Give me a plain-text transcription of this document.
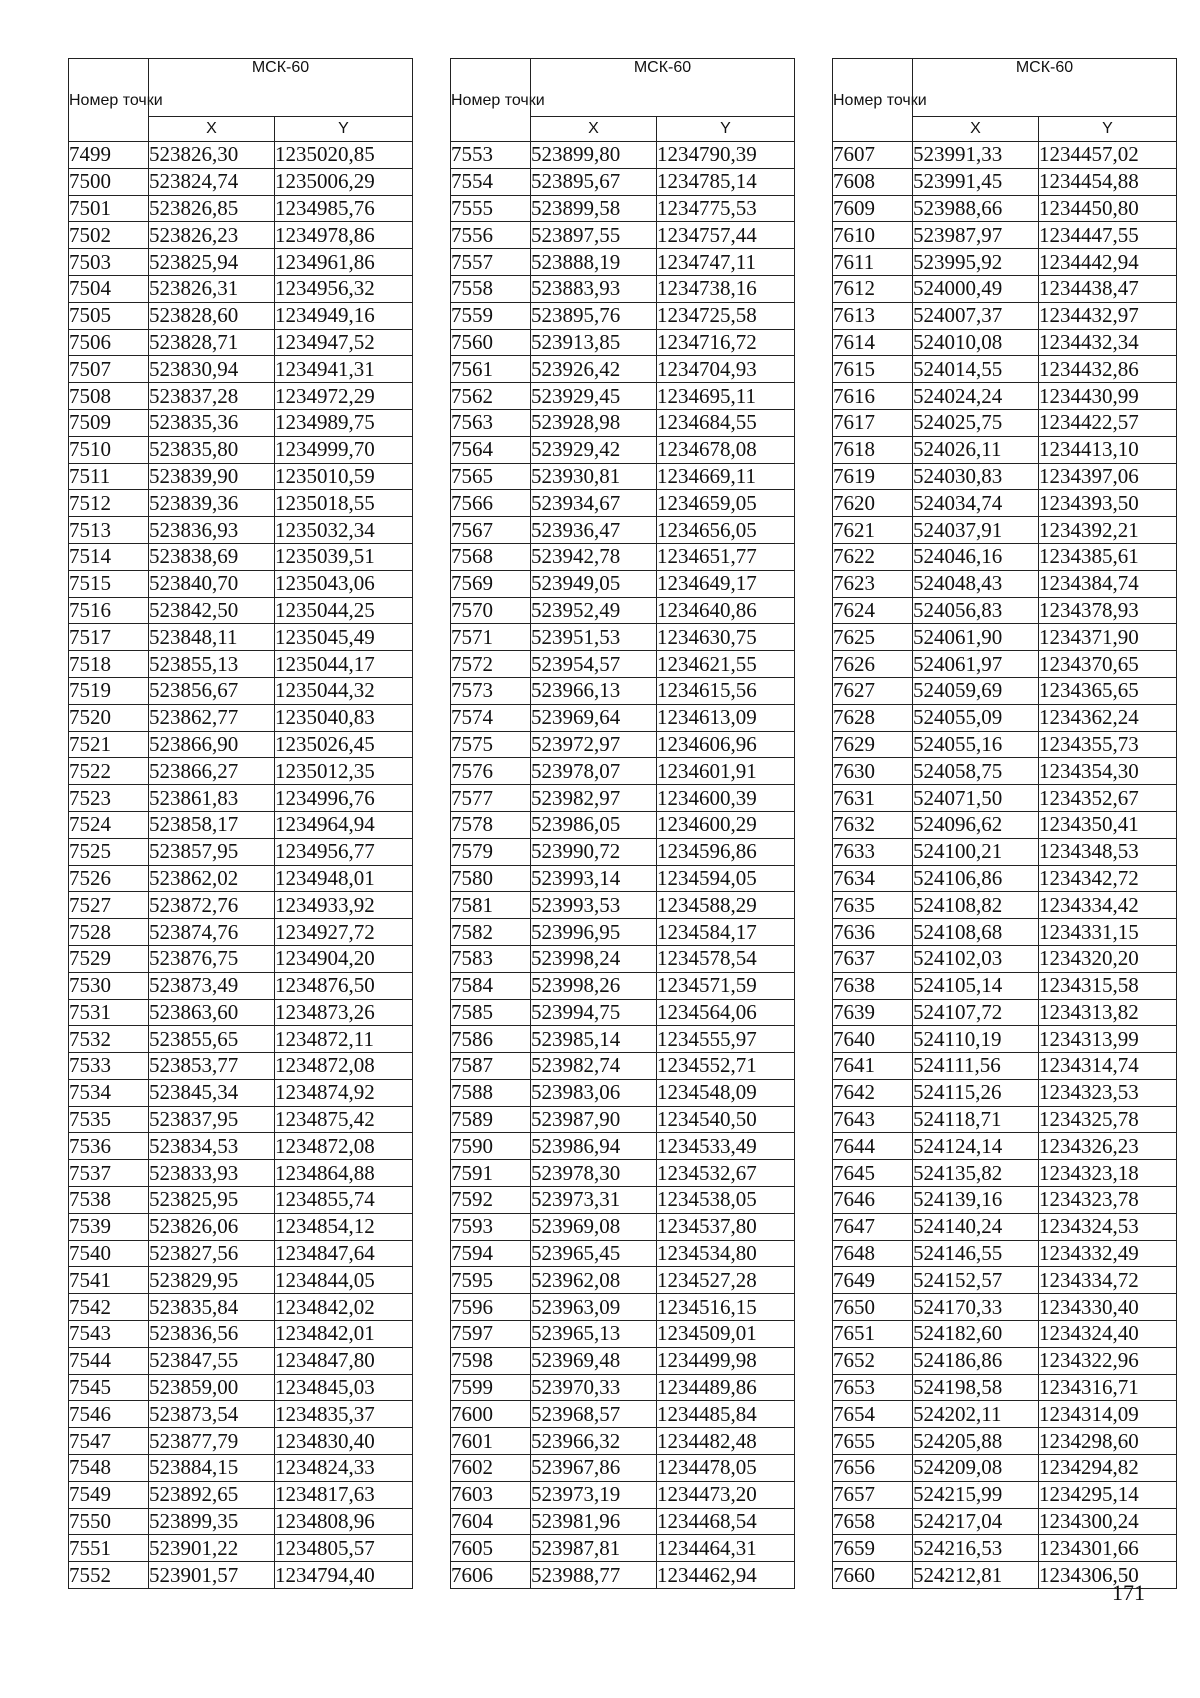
Номер точки	МСК-60	
	X	Y
7499	523826,30	1235020,85
7500	523824,74	1235006,29
7501	523826,85	1234985,76
7502	523826,23	1234978,86
7503	523825,94	1234961,86
7504	523826,31	1234956,32
7505	523828,60	1234949,16
7506	523828,71	1234947,52
7507	523830,94	1234941,31
7508	523837,28	1234972,29
7509	523835,36	1234989,75
7510	523835,80	1234999,70
7511	523839,90	1235010,59
7512	523839,36	1235018,55
7513	523836,93	1235032,34
7514	523838,69	1235039,51
7515	523840,70	1235043,06
7516	523842,50	1235044,25
7517	523848,11	1235045,49
7518	523855,13	1235044,17
7519	523856,67	1235044,32
7520	523862,77	1235040,83
7521	523866,90	1235026,45
7522	523866,27	1235012,35
7523	523861,83	1234996,76
7524	523858,17	1234964,94
7525	523857,95	1234956,77
7526	523862,02	1234948,01
7527	523872,76	1234933,92
7528	523874,76	1234927,72
7529	523876,75	1234904,20
7530	523873,49	1234876,50
7531	523863,60	1234873,26
7532	523855,65	1234872,11
7533	523853,77	1234872,08
7534	523845,34	1234874,92
7535	523837,95	1234875,42
7536	523834,53	1234872,08
7537	523833,93	1234864,88
7538	523825,95	1234855,74
7539	523826,06	1234854,12
7540	523827,56	1234847,64
7541	523829,95	1234844,05
7542	523835,84	1234842,02
7543	523836,56	1234842,01
7544	523847,55	1234847,80
7545	523859,00	1234845,03
7546	523873,54	1234835,37
7547	523877,79	1234830,40
7548	523884,15	1234824,33
7549	523892,65	1234817,63
7550	523899,35	1234808,96
7551	523901,22	1234805,57
7552	523901,57	1234794,40
Номер точки	МСК-60	
	X	Y
7553	523899,80	1234790,39
7554	523895,67	1234785,14
7555	523899,58	1234775,53
7556	523897,55	1234757,44
7557	523888,19	1234747,11
7558	523883,93	1234738,16
7559	523895,76	1234725,58
7560	523913,85	1234716,72
7561	523926,42	1234704,93
7562	523929,45	1234695,11
7563	523928,98	1234684,55
7564	523929,42	1234678,08
7565	523930,81	1234669,11
7566	523934,67	1234659,05
7567	523936,47	1234656,05
7568	523942,78	1234651,77
7569	523949,05	1234649,17
7570	523952,49	1234640,86
7571	523951,53	1234630,75
7572	523954,57	1234621,55
7573	523966,13	1234615,56
7574	523969,64	1234613,09
7575	523972,97	1234606,96
7576	523978,07	1234601,91
7577	523982,97	1234600,39
7578	523986,05	1234600,29
7579	523990,72	1234596,86
7580	523993,14	1234594,05
7581	523993,53	1234588,29
7582	523996,95	1234584,17
7583	523998,24	1234578,54
7584	523998,26	1234571,59
7585	523994,75	1234564,06
7586	523985,14	1234555,97
7587	523982,74	1234552,71
7588	523983,06	1234548,09
7589	523987,90	1234540,50
7590	523986,94	1234533,49
7591	523978,30	1234532,67
7592	523973,31	1234538,05
7593	523969,08	1234537,80
7594	523965,45	1234534,80
7595	523962,08	1234527,28
7596	523963,09	1234516,15
7597	523965,13	1234509,01
7598	523969,48	1234499,98
7599	523970,33	1234489,86
7600	523968,57	1234485,84
7601	523966,32	1234482,48
7602	523967,86	1234478,05
7603	523973,19	1234473,20
7604	523981,96	1234468,54
7605	523987,81	1234464,31
7606	523988,77	1234462,94
Номер точки	МСК-60	
	X	Y
7607	523991,33	1234457,02
7608	523991,45	1234454,88
7609	523988,66	1234450,80
7610	523987,97	1234447,55
7611	523995,92	1234442,94
7612	524000,49	1234438,47
7613	524007,37	1234432,97
7614	524010,08	1234432,34
7615	524014,55	1234432,86
7616	524024,24	1234430,99
7617	524025,75	1234422,57
7618	524026,11	1234413,10
7619	524030,83	1234397,06
7620	524034,74	1234393,50
7621	524037,91	1234392,21
7622	524046,16	1234385,61
7623	524048,43	1234384,74
7624	524056,83	1234378,93
7625	524061,90	1234371,90
7626	524061,97	1234370,65
7627	524059,69	1234365,65
7628	524055,09	1234362,24
7629	524055,16	1234355,73
7630	524058,75	1234354,30
7631	524071,50	1234352,67
7632	524096,62	1234350,41
7633	524100,21	1234348,53
7634	524106,86	1234342,72
7635	524108,82	1234334,42
7636	524108,68	1234331,15
7637	524102,03	1234320,20
7638	524105,14	1234315,58
7639	524107,72	1234313,82
7640	524110,19	1234313,99
7641	524111,56	1234314,74
7642	524115,26	1234323,53
7643	524118,71	1234325,78
7644	524124,14	1234326,23
7645	524135,82	1234323,18
7646	524139,16	1234323,78
7647	524140,24	1234324,53
7648	524146,55	1234332,49
7649	524152,57	1234334,72
7650	524170,33	1234330,40
7651	524182,60	1234324,40
7652	524186,86	1234322,96
7653	524198,58	1234316,71
7654	524202,11	1234314,09
7655	524205,88	1234298,60
7656	524209,08	1234294,82
7657	524215,99	1234295,14
7658	524217,04	1234300,24
7659	524216,53	1234301,66
7660	524212,81	1234306,50
171
